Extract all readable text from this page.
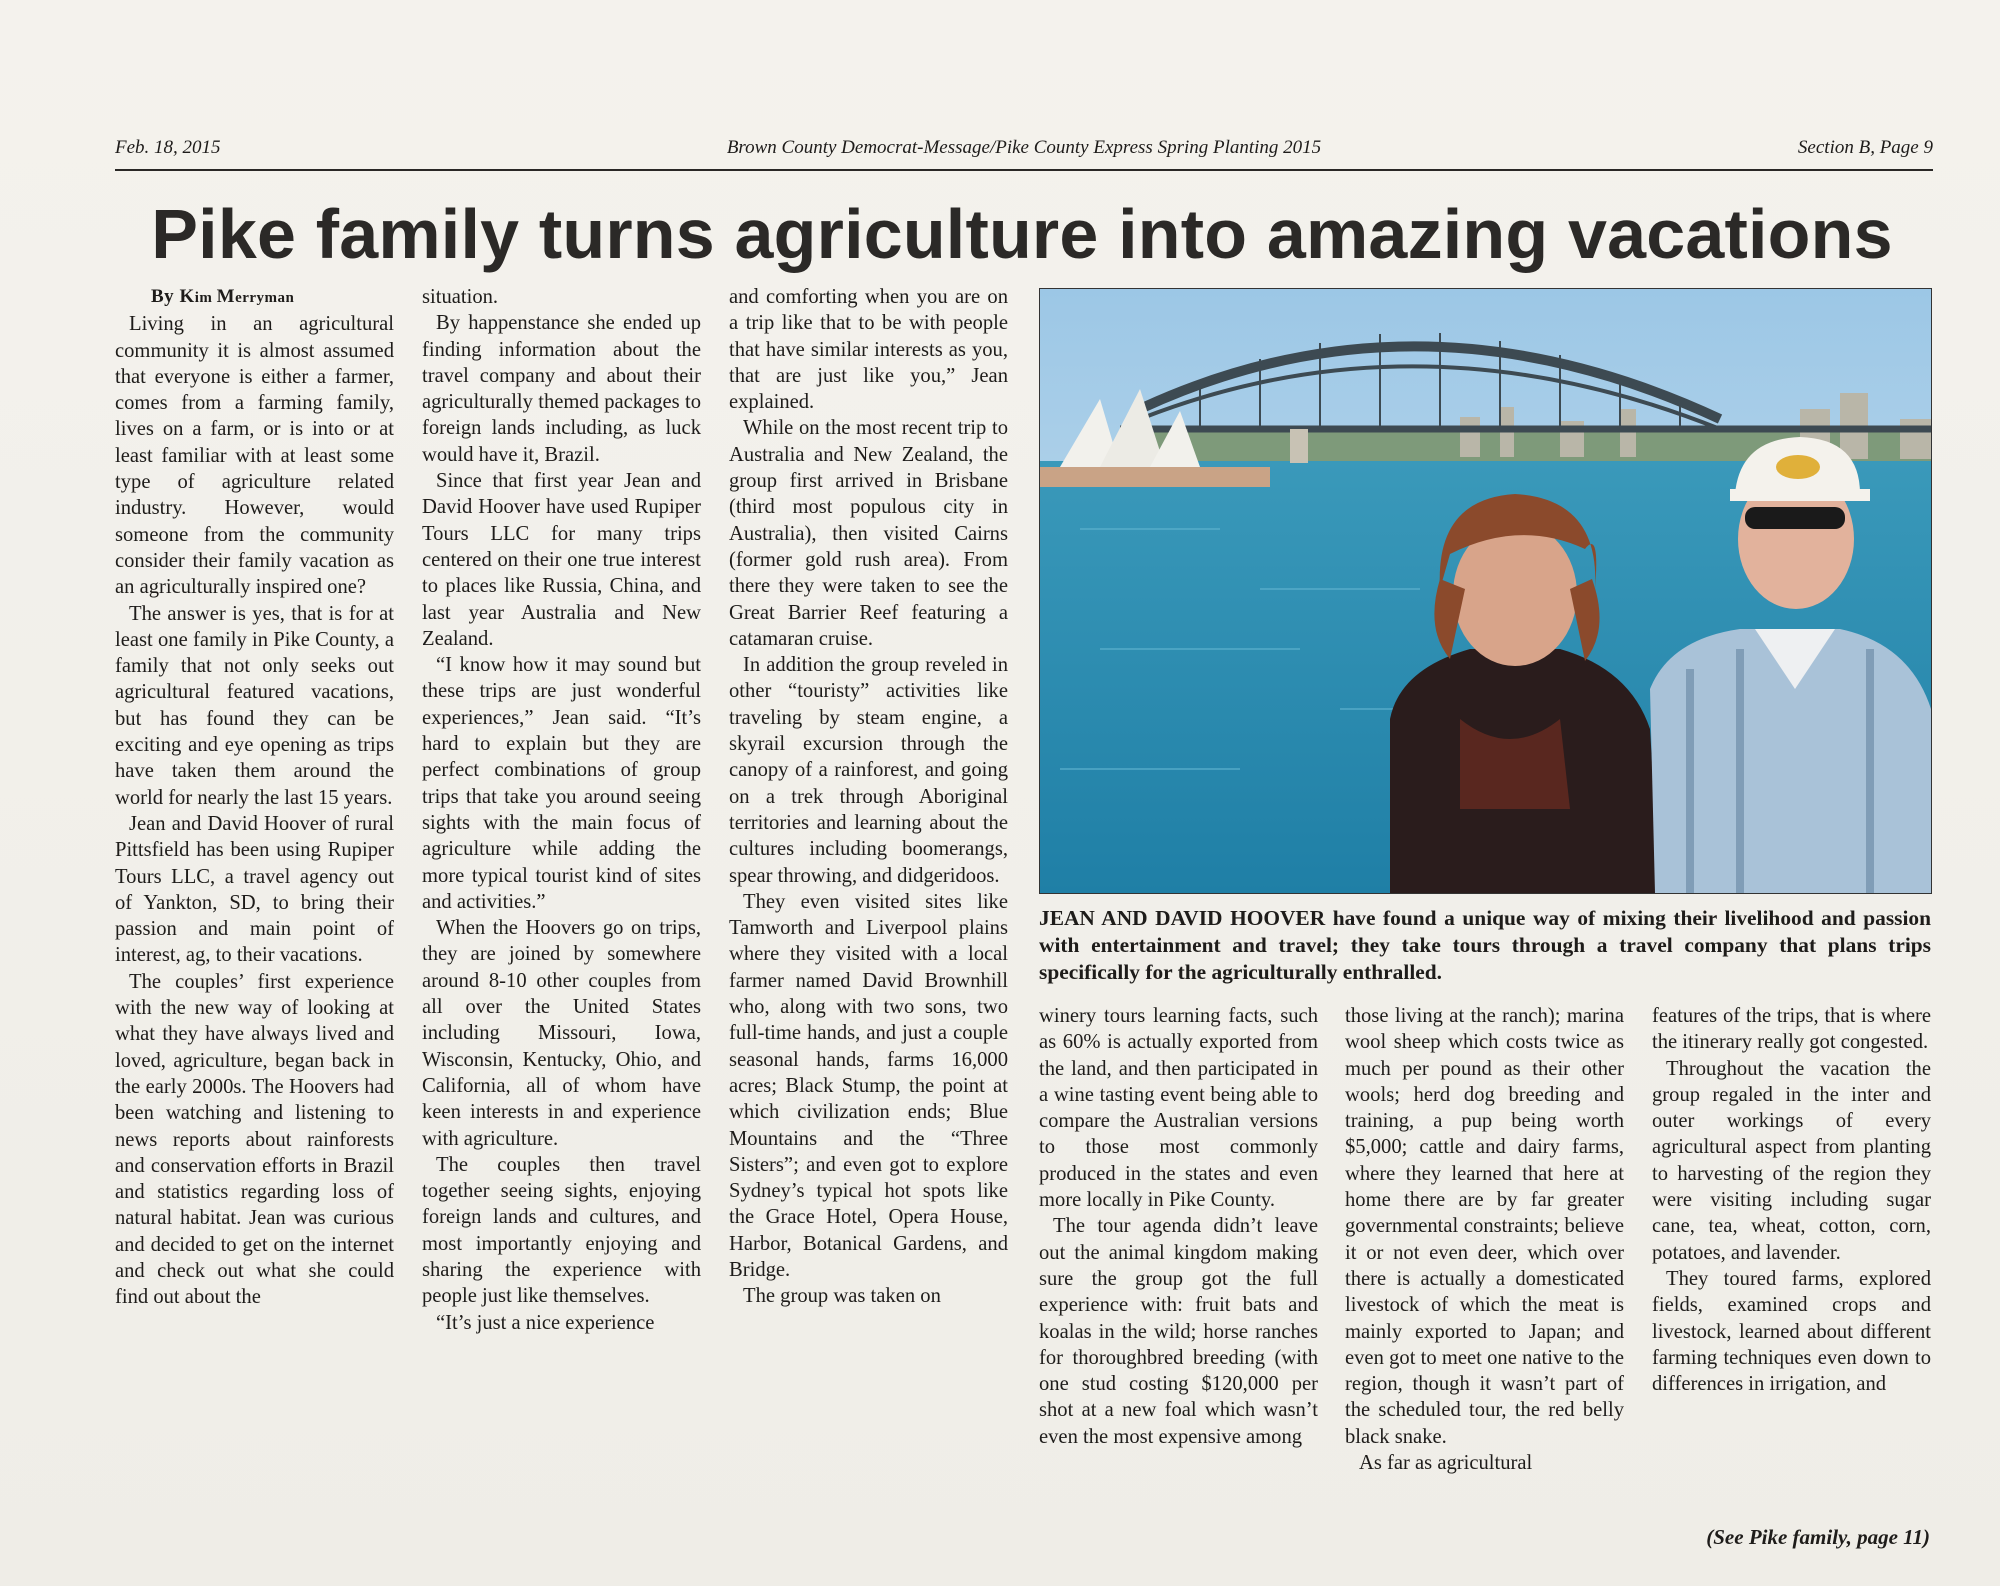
Brown County Democrat-Message/Pike County Express Spring Planting 2015
Feb. 18, 2015	Section B, Page 9
Pike family turns agriculture into amazing vacations
By Kim Merryman

Living in an agricultural community it is almost assumed that everyone is either a farmer, comes from a farming family, lives on a farm, or is into or at least familiar with at least some type of agriculture related industry. However, would someone from the community consider their family vacation as an agriculturally inspired one?

The answer is yes, that is for at least one family in Pike County, a family that not only seeks out agricultural featured vacations, but has found they can be exciting and eye opening as trips have taken them around the world for nearly the last 15 years.

Jean and David Hoover of rural Pittsfield has been using Rupiper Tours LLC, a travel agency out of Yankton, SD, to bring their passion and main point of interest, ag, to their vacations.

The couples’ first experience with the new way of looking at what they have always lived and loved, agriculture, began back in the early 2000s. The Hoovers had been watching and listening to news reports about rainforests and conservation efforts in Brazil and statistics regarding loss of natural habitat. Jean was curious and decided to get on the internet and check out what she could find out about the

situation.

By happenstance she ended up finding information about the travel company and about their agriculturally themed packages to foreign lands including, as luck would have it, Brazil.

Since that first year Jean and David Hoover have used Rupiper Tours LLC for many trips centered on their one true interest to places like Russia, China, and last year Australia and New Zealand.

“I know how it may sound but these trips are just wonderful experiences,” Jean said. “It’s hard to explain but they are perfect combinations of group trips that take you around seeing sights with the main focus of agriculture while adding the more typical tourist kind of sites and activities.”

When the Hoovers go on trips, they are joined by somewhere around 8-10 other couples from all over the United States including Missouri, Iowa, Wisconsin, Kentucky, Ohio, and California, all of whom have keen interests in and experience with agriculture.

The couples then travel together seeing sights, enjoying foreign lands and cultures, and most importantly enjoying and sharing the experience with people just like themselves.

“It’s just a nice experience

and comforting when you are on a trip like that to be with people that have similar interests as you, that are just like you,” Jean explained.

While on the most recent trip to Australia and New Zealand, the group first arrived in Brisbane (third most populous city in Australia), then visited Cairns (former gold rush area). From there they were taken to see the Great Barrier Reef featuring a catamaran cruise.

In addition the group reveled in other “touristy” activities like traveling by steam engine, a skyrail excursion through the canopy of a rainforest, and going on a trek through Aboriginal territories and learning about the cultures including boomerangs, spear throwing, and didgeridoos.

They even visited sites like Tamworth and Liverpool plains where they visited with a local farmer named David Brownhill who, along with two sons, two full-time hands, and just a couple seasonal hands, farms 16,000 acres; Black Stump, the point at which civilization ends; Blue Mountains and the “Three Sisters”; and even got to explore Sydney’s typical hot spots like the Grace Hotel, Opera House, Harbor, Botanical Gardens, and Bridge.

The group was taken on

JEAN AND DAVID HOOVER have found a unique way of mixing their livelihood and passion with entertainment and travel; they take tours through a travel company that plans trips specifically for the agriculturally enthralled.

winery tours learning facts, such as 60% is actually exported from the land, and then participated in a wine tasting event being able to compare the Australian versions to those most commonly produced in the states and even more locally in Pike County.

The tour agenda didn’t leave out the animal kingdom making sure the group got the full experience with: fruit bats and koalas in the wild; horse ranches for thoroughbred breeding (with one stud costing $120,000 per shot at a new foal which wasn’t even the most expensive among

those living at the ranch); marina wool sheep which costs twice as much per pound as their other wools; herd dog breeding and training, a pup being worth $5,000; cattle and dairy farms, where they learned that here at home there are by far greater governmental constraints; believe it or not even deer, which over there is actually a domesticated livestock of which the meat is mainly exported to Japan; and even got to meet one native to the region, though it wasn’t part of the scheduled tour, the red belly black snake.

As far as agricultural

features of the trips, that is where the itinerary really got congested.

Throughout the vacation the group regaled in the inter and outer workings of every agricultural aspect from planting to harvesting of the region they were visiting including sugar cane, tea, wheat, cotton, corn, potatoes, and lavender.

They toured farms, explored fields, examined crops and livestock, learned about different farming techniques even down to differences in irrigation, and

(See Pike family, page 11)
